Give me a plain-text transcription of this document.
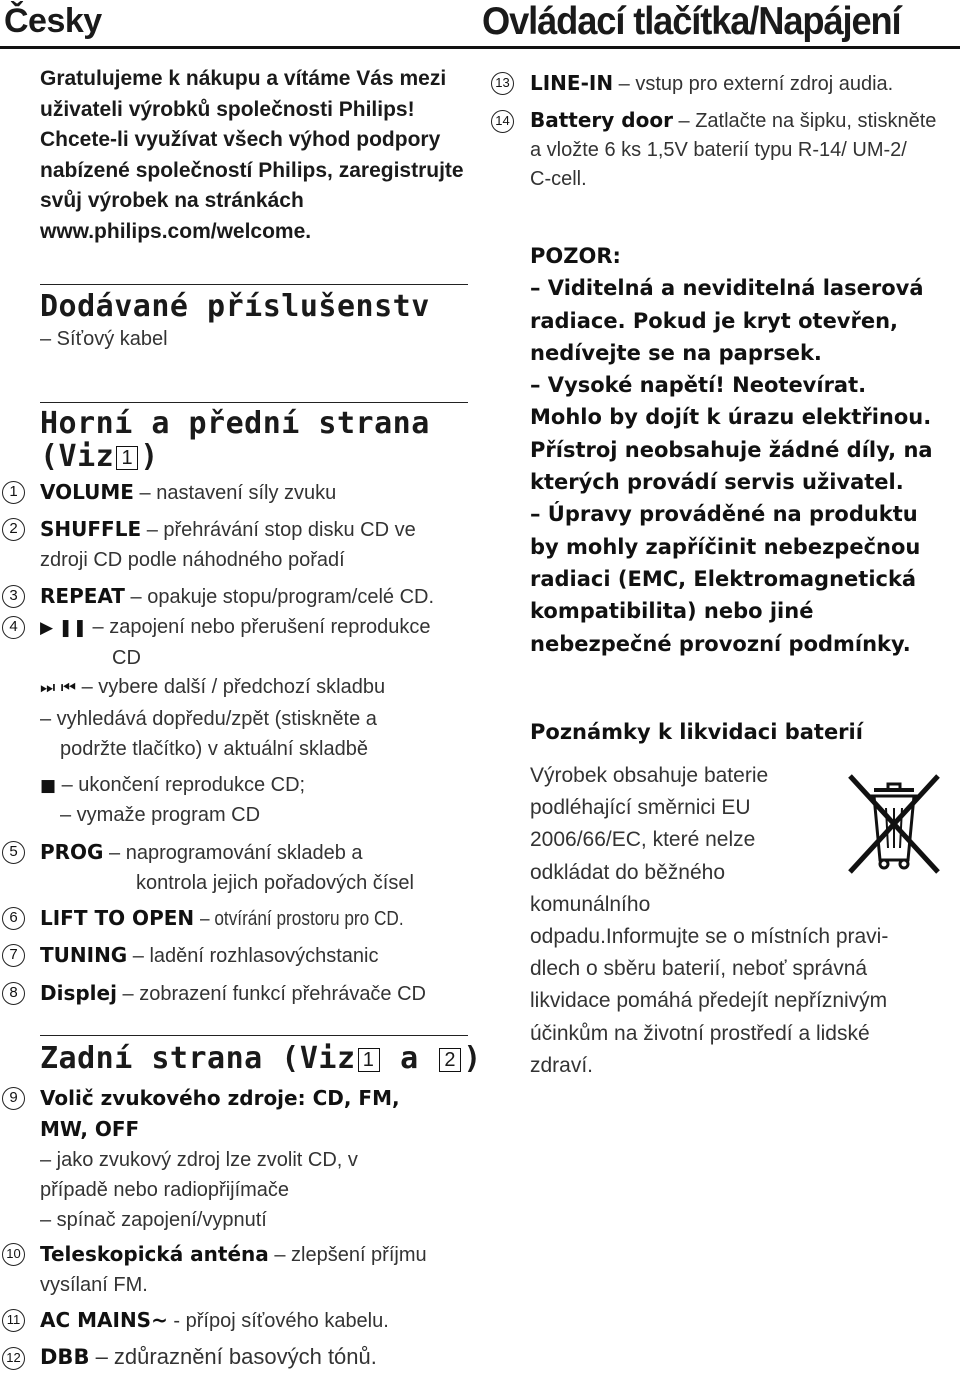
Česky	Ovládací tlačítka/Napájení
Gratulujeme k nákupu a vítáme Vás mezi uživateli výrobků společnosti Philips! Chcete-li využívat všech výhod podpory nabízené společností Philips, zaregistrujte svůj výrobek na stránkách www.philips.com/welcome.
Dodávané příslušenstv
– Síťový kabel
Horní a přední strana
(Viz 1 )
1	VOLUME – nastavení síly zvuku
2	SHUFFLE – přehrávání stop disku CD ve
zdroji CD podle náhodného pořadí
3	REPEAT – opakuje stopu/program/celé CD.
4	▶ ❚❚ – zapojení nebo přerušení reprodukce
CD
⏭ ⏮ – vybere další / předchozí skladbu
– vyhledává dopředu/zpět (stiskněte a
podržte tlačítko) v aktuální skladbě
■ – ukončení reprodukce CD;
– vymaže program CD
5	PROG – naprogramování skladeb a
kontrola jejich pořadových čísel
6	LIFT TO OPEN – otvírání prostoru pro CD.
7	TUNING – ladění rozhlasovýchstanic
8	Displej – zobrazení funkcí přehrávače CD
Zadní strana (Viz 1 a 2 )
9	Volič zvukového zdroje: CD, FM,
MW, OFF
– jako zvukový zdroj lze zvolit CD, v
případě nebo radiopřijímače
– spínač zapojení/vypnutí
10 Teleskopická anténa – zlepšení příjmu
vysílaní FM.
11 AC MAINS~ - přípoj síťového kabelu.
12 DBB – zdůraznění basových tónů.
13 LINE-IN – vstup pro externí zdroj audia.
14 Battery door – Zatlačte na šipku, stiskněte
a vložte 6 ks 1,5V baterií typu R-14/ UM-2/
C-cell.
POZOR:
– Viditelná a neviditelná laserová
radiace. Pokud je kryt otevřen,
nedívejte se na paprsek.
– Vysoké napětí! Neotevírat.
Mohlo by dojít k úrazu elektřinou.
Přístroj neobsahuje žádné díly, na
kterých provádí servis uživatel.
– Úpravy prováděné na produktu
by mohly zapříčinit nebezpečnou
radiaci (EMC, Elektromagnetická
kompatibilita) nebo jiné
nebezpečné provozní podmínky.
Poznámky k likvidaci baterií
Výrobek obsahuje baterie
podléhající směrnici EU
2006/66/EC, které nelze
odkládat do běžného
komunálního
odpadu.Informujte se o místních pravi-
dlech o sběru baterií, neboť správná
likvidace pomáhá předejít nepříznivým
účinkům na životní prostředí a lidské
zdraví.
